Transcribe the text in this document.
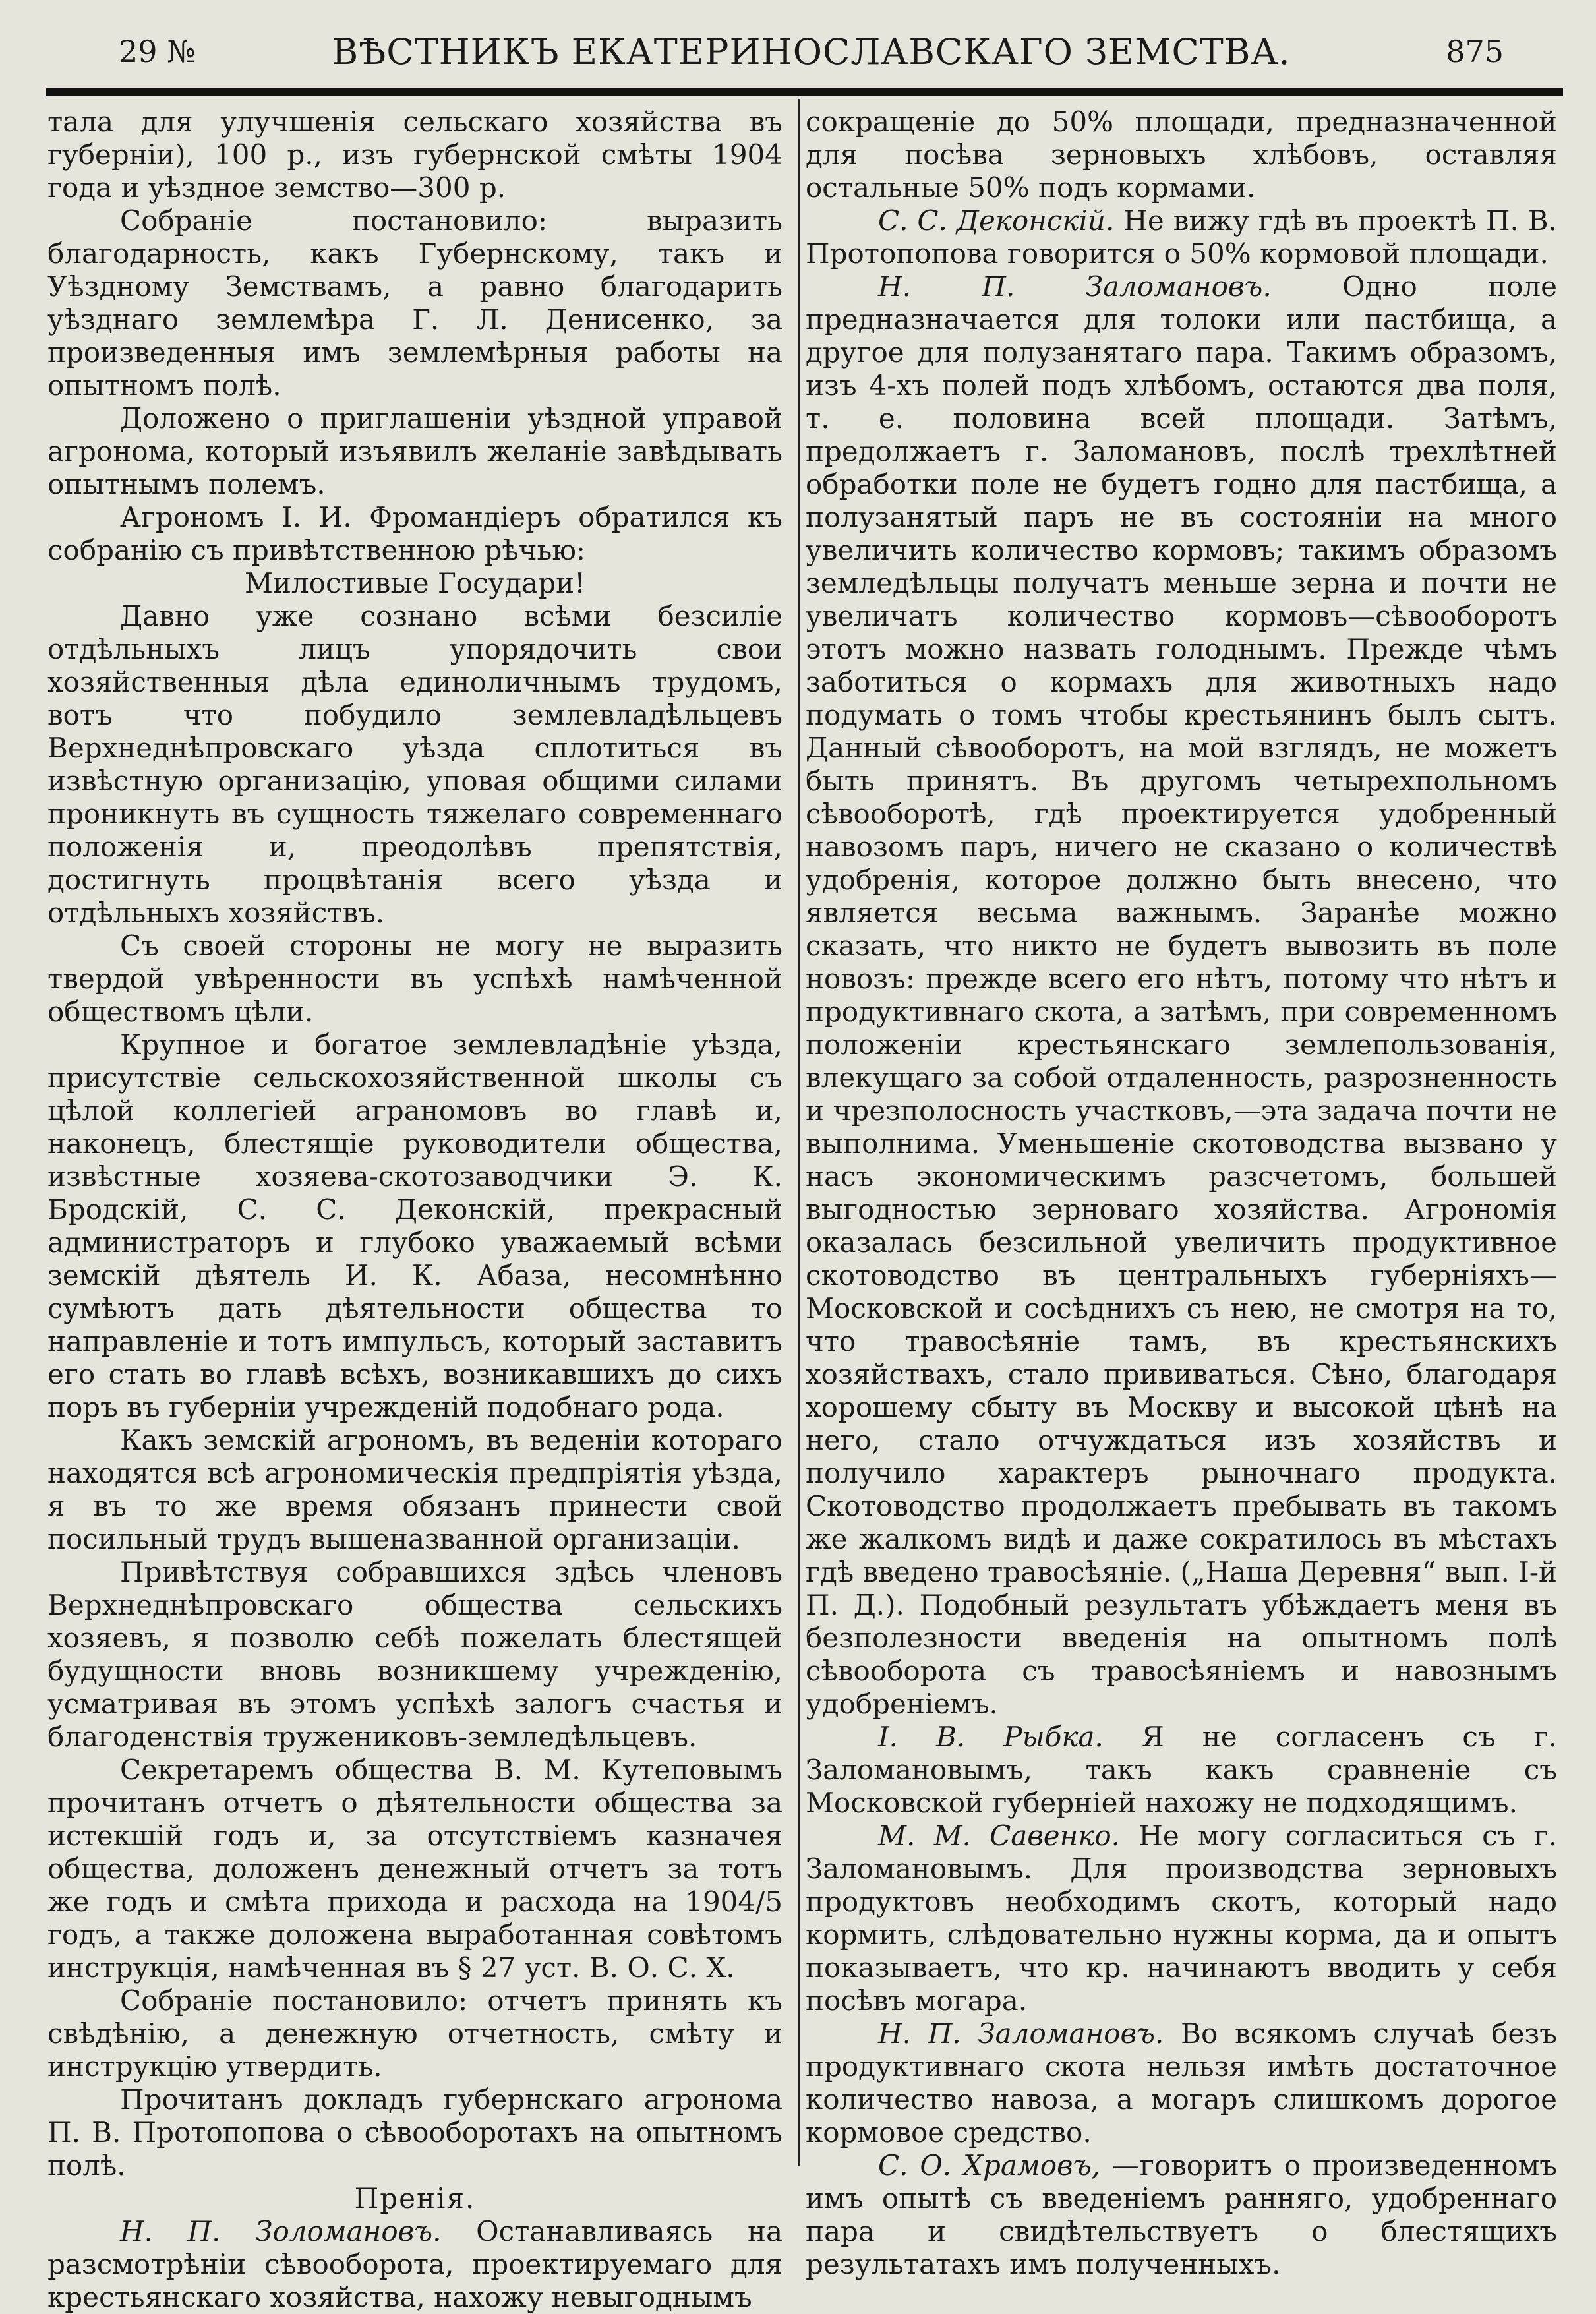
29 №	ВѢСТНИКЪ ЕКАТЕРИНОСЛАВСКАГО ЗЕМСТВА.	875

тала для улучшенія сельскаго хозяйства въ губерніи), 100 р., изъ губернской смѣты 1904 года и уѣздное земство—300 р.

Собраніе постановило: выразить благодарность, какъ Губернскому, такъ и Уѣздному Земствамъ, а равно благодарить уѣзднаго землемѣра Г. Л. Денисенко, за произведенныя имъ землемѣрныя работы на опытномъ полѣ.

Доложено о приглашеніи уѣздной управой агронома, который изъявилъ желаніе завѣдывать опытнымъ полемъ.

Агрономъ І. И. Фромандіеръ обратился къ собранію съ привѣтственною рѣчью:

Милостивые Государи!

Давно уже сознано всѣми безсиліе отдѣльныхъ лицъ упорядочить свои хозяйственныя дѣла единоличнымъ трудомъ, вотъ что побудило землевладѣльцевъ Верхнеднѣпровскаго уѣзда сплотиться въ извѣстную организацію, уповая общими силами проникнуть въ сущность тяжелаго современнаго положенія и, преодолѣвъ препятствія, достигнуть процвѣтанія всего уѣзда и отдѣльныхъ хозяйствъ.

Съ своей стороны не могу не выразить твердой увѣренности въ успѣхѣ намѣченной обществомъ цѣли.

Крупное и богатое землевладѣніе уѣзда, присутствіе сельскохозяйственной школы съ цѣлой коллегіей аграномовъ во главѣ и, наконецъ, блестящіе руководители общества, извѣстные хозяева-скотозаводчики Э. К. Бродскій, С. С. Деконскій, прекрасный администраторъ и глубоко уважаемый всѣми земскій дѣятель И. К. Абаза, несомнѣнно сумѣютъ дать дѣятельности общества то направленіе и тотъ импульсъ, который заставитъ его стать во главѣ всѣхъ, возникавшихъ до сихъ поръ въ губерніи учрежденій подобнаго рода.

Какъ земскій агрономъ, въ веденіи котораго находятся всѣ агрономическія предпріятія уѣзда, я въ то же время обязанъ принести свой посильный трудъ вышеназванной организаціи.

Привѣтствуя собравшихся здѣсь членовъ Верхнеднѣпровскаго общества сельскихъ хозяевъ, я позволю себѣ пожелать блестящей будущности вновь возникшему учрежденію, усматривая въ этомъ успѣхѣ залогъ счастья и благоденствія тружениковъ-земледѣльцевъ.

Секретаремъ общества В. М. Кутеповымъ прочитанъ отчетъ о дѣятельности общества за истекшій годъ и, за отсутствіемъ казначея общества, доложенъ денежный отчетъ за тотъ же годъ и смѣта прихода и расхода на 1904/5 годъ, а также доложена выработанная совѣтомъ инструкція, намѣченная въ § 27 уст. В. О. С. Х.

Собраніе постановило: отчетъ принять къ свѣдѣнію, а денежную отчетность, смѣту и инструкцію утвердить.

Прочитанъ докладъ губернскаго агронома П. В. Протопопова о сѣвооборотахъ на опытномъ полѣ.

Пренія.

Н. П. Золомановъ. Останавливаясь на разсмотрѣніи сѣвооборота, проектируемаго для крестьянскаго хозяйства, нахожу невыгоднымъ

сокращеніе до 50% площади, предназначенной для посѣва зерновыхъ хлѣбовъ, оставляя остальные 50% подъ кормами.

С. С. Деконскій. Не вижу гдѣ въ проектѣ П. В. Протопопова говорится о 50% кормовой площади.

Н. П. Заломановъ.	Одно поле предназначается для толоки или пастбища, а другое для полузанятаго пара. Такимъ образомъ, изъ 4-хъ полей подъ хлѣбомъ, остаются два поля, т. е. половина всей площади. Затѣмъ, предолжаетъ г. Заломановъ, послѣ трехлѣтней обработки поле не будетъ годно для пастбища, а полузанятый паръ не въ состояніи на много увеличить количество кормовъ; такимъ образомъ земледѣльцы получатъ меньше зерна и почти не увеличатъ количество кормовъ—сѣвооборотъ этотъ можно назвать голоднымъ. Прежде чѣмъ заботиться о кормахъ для животныхъ надо подумать о томъ чтобы крестьянинъ былъ сытъ. Данный сѣвооборотъ, на мой взглядъ, не можетъ быть принятъ. Въ другомъ четырехпольномъ сѣвооборотѣ, гдѣ проектируется удобренный навозомъ паръ, ничего не сказано о количествѣ удобренія, которое должно быть внесено, что является весьма важнымъ. Заранѣе можно сказать, что никто не будетъ вывозить въ поле новозъ: прежде всего его нѣтъ, потому что нѣтъ и продуктивнаго скота, а затѣмъ, при современномъ положеніи крестьянскаго землепользованія, влекущаго за собой отдаленность, разрозненность и чрезполосность участковъ,—эта задача почти не выполнима. Уменьшеніе скотоводства вызвано у насъ экономическимъ разсчетомъ, большей выгодностью зерноваго хозяйства. Агрономія оказалась безсильной увеличить продуктивное скотоводство въ центральныхъ губерніяхъ—Московской и сосѣднихъ съ нею, не смотря на то, что травосѣяніе тамъ, въ крестьянскихъ хозяйствахъ, стало прививаться. Сѣно, благодаря хорошему сбыту въ Москву и высокой цѣнѣ на него, стало отчуждаться изъ хозяйствъ и получило характеръ рыночнаго продукта. Скотоводство продолжаетъ пребывать въ такомъ же жалкомъ видѣ и даже сократилось въ мѣстахъ гдѣ введено травосѣяніе. („Наша Деревня“ вып. І-й П. Д.). Подобный результатъ убѣждаетъ меня въ безполезности введенія на опытномъ полѣ сѣвооборота съ травосѣяніемъ и навознымъ удобреніемъ.

І. В. Рыбка. Я не согласенъ съ г. Заломановымъ, такъ какъ сравненіе съ Московской губерніей нахожу не подходящимъ.

М. М. Савенко. Не могу согласиться съ г. Заломановымъ. Для производства зерновыхъ продуктовъ необходимъ скотъ, который надо кормить, слѣдовательно нужны корма, да и опытъ показываетъ, что кр. начинаютъ вводить у себя посѣвъ могара.

Н. П. Заломановъ. Во всякомъ случаѣ безъ продуктивнаго скота нельзя имѣть достаточное количество навоза, а могаръ слишкомъ дорогое кормовое средство.

С. О. Храмовъ, —говоритъ о произведенномъ имъ опытѣ съ введеніемъ ранняго, удобреннаго пара и свидѣтельствуетъ о блестящихъ результатахъ имъ полученныхъ.
